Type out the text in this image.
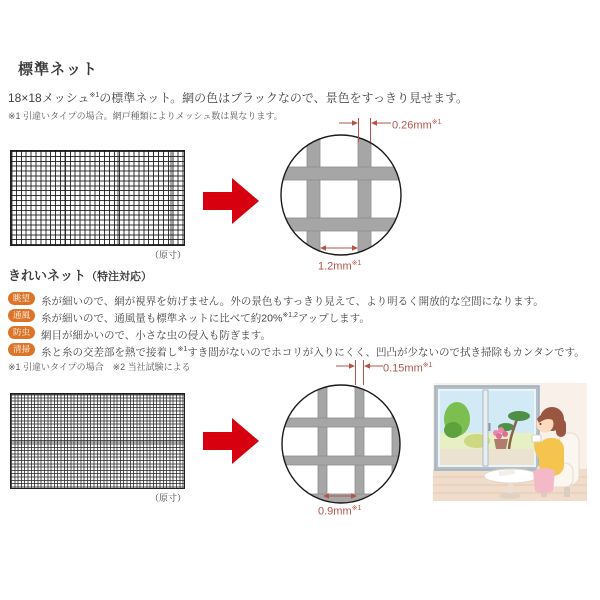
標準ネット

18×18メッシュ$^{※1}$の標準ネット。網の色はブラックなので、景色をすっきり見せます。

※1 引違いタイプの場合。網戸種類によりメッシュ数は異なります。

（原寸）
$0.26mm^{※1}$
$1.2mm^{※1}$
きれいネット（特注対応）
眺望	糸が細いので、網が視界を妨げません。外の景色もすっきり見えて、より明るく開放的な空間になります。
通風	糸が細いので、通風量も標準ネットに比べて約20%$^{※1,2}$アップします。
防虫	網目が細かいので、小さな虫の侵入も防ぎます。
清掃	糸と糸の交差部を熱で接着し$^{※1}$すき間がないのでホコリが入りにくく、凹凸が少ないので拭き掃除もカンタンです。

※1 引違いタイプの場合　※2 当社試験による

（原寸）
$0.15mm^{※1}$
$0.9mm^{※1}$
